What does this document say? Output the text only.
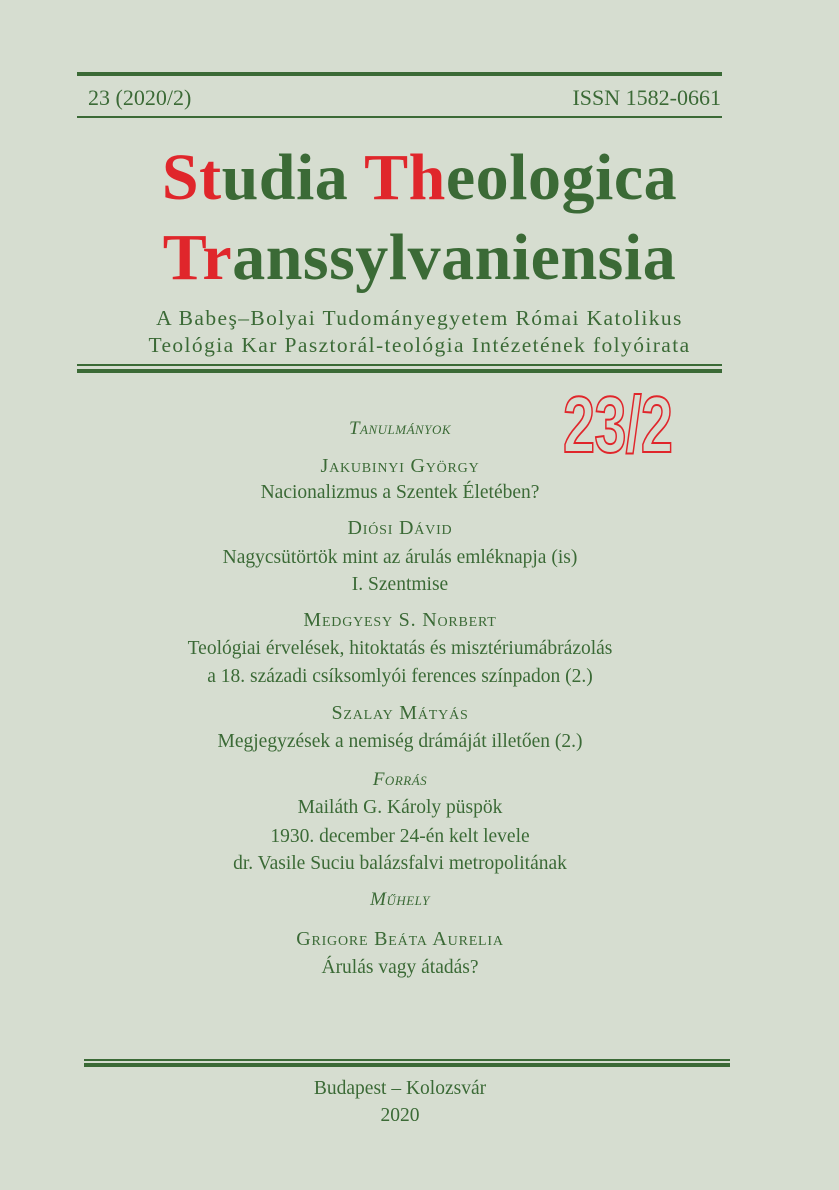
23 (2020/2)	ISSN 1582-0661
Studia Theologica
Transsylvaniensia
A Babeş–Bolyai Tudományegyetem Római Katolikus
Teológia Kar Pasztorál-teológia Intézetének folyóirata
23/2
Tanulmányok
Jakubinyi György
Nacionalizmus a Szentek Életében?
Diósi Dávid
Nagycsütörtök mint az árulás emléknapja (is)
I. Szentmise
Medgyesy S. Norbert
Teológiai érvelések, hitoktatás és misztériumábrázolás
a 18. századi csíksomlyói ferences színpadon (2.)
Szalay Mátyás
Megjegyzések a nemiség drámáját illetően (2.)
Forrás
Mailáth G. Károly püspök
1930. december 24-én kelt levele
dr. Vasile Suciu balázsfalvi metropolitának
Műhely
Grigore Beáta Aurelia
Árulás vagy átadás?
Budapest – Kolozsvár
2020
